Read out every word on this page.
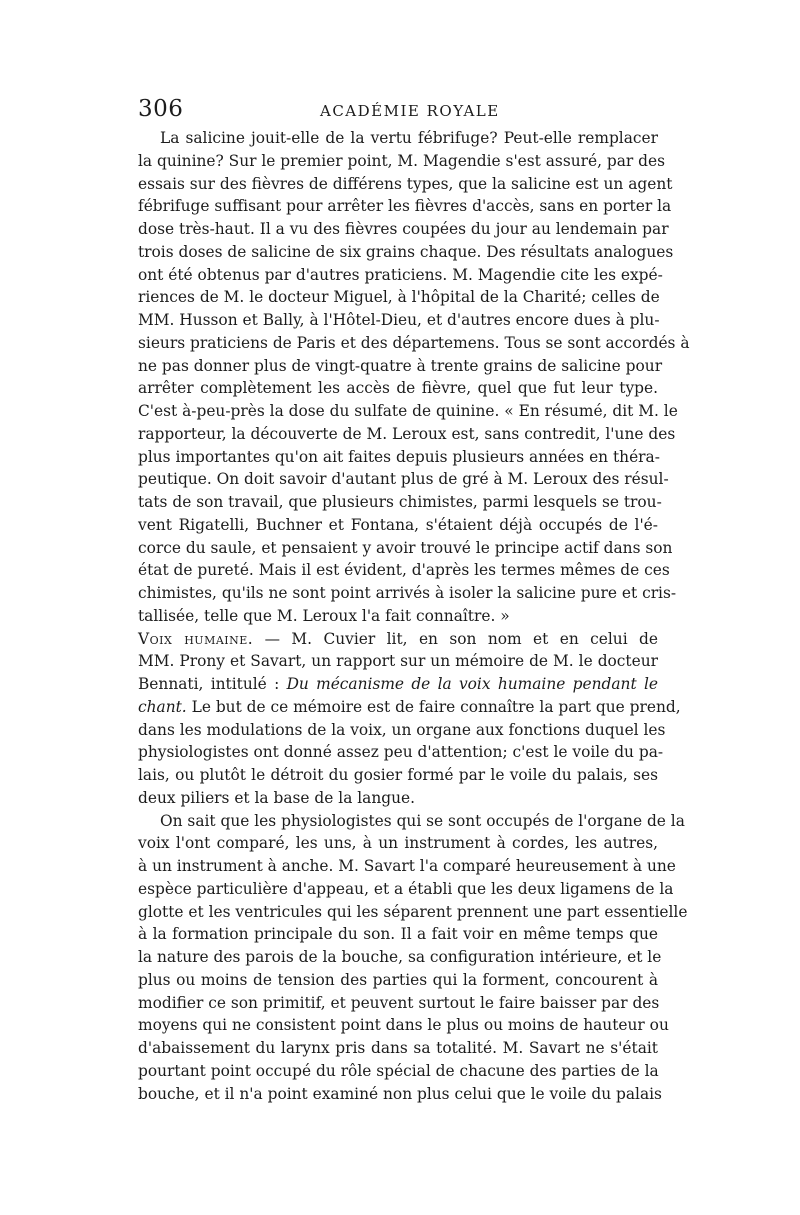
306	ACADÉMIE ROYALE
La salicine jouit-elle de la vertu fébrifuge? Peut-elle remplacer
la quinine? Sur le premier point, M. Magendie s'est assuré, par des
essais sur des fièvres de différens types, que la salicine est un agent
fébrifuge suffisant pour arrêter les fièvres d'accès, sans en porter la
dose très-haut. Il a vu des fièvres coupées du jour au lendemain par
trois doses de salicine de six grains chaque. Des résultats analogues
ont été obtenus par d'autres praticiens. M. Magendie cite les expé-
riences de M. le docteur Miguel, à l'hôpital de la Charité; celles de
MM. Husson et Bally, à l'Hôtel-Dieu, et d'autres encore dues à plu-
sieurs praticiens de Paris et des départemens. Tous se sont accordés à
ne pas donner plus de vingt-quatre à trente grains de salicine pour
arrêter complètement les accès de fièvre, quel que fut leur type.
C'est à-peu-près la dose du sulfate de quinine. « En résumé, dit M. le
rapporteur, la découverte de M. Leroux est, sans contredit, l'une des
plus importantes qu'on ait faites depuis plusieurs années en théra-
peutique. On doit savoir d'autant plus de gré à M. Leroux des résul-
tats de son travail, que plusieurs chimistes, parmi lesquels se trou-
vent Rigatelli, Buchner et Fontana, s'étaient déjà occupés de l'é-
corce du saule, et pensaient y avoir trouvé le principe actif dans son
état de pureté. Mais il est évident, d'après les termes mêmes de ces
chimistes, qu'ils ne sont point arrivés à isoler la salicine pure et cris-
tallisée, telle que M. Leroux l'a fait connaître. »
Voix humaine. — M. Cuvier lit, en son nom et en celui de
MM. Prony et Savart, un rapport sur un mémoire de M. le docteur
Bennati, intitulé : Du mécanisme de la voix humaine pendant le
chant. Le but de ce mémoire est de faire connaître la part que prend,
dans les modulations de la voix, un organe aux fonctions duquel les
physiologistes ont donné assez peu d'attention; c'est le voile du pa-
lais, ou plutôt le détroit du gosier formé par le voile du palais, ses
deux piliers et la base de la langue.
On sait que les physiologistes qui se sont occupés de l'organe de la
voix l'ont comparé, les uns, à un instrument à cordes, les autres,
à un instrument à anche. M. Savart l'a comparé heureusement à une
espèce particulière d'appeau, et a établi que les deux ligamens de la
glotte et les ventricules qui les séparent prennent une part essentielle
à la formation principale du son. Il a fait voir en même temps que
la nature des parois de la bouche, sa configuration intérieure, et le
plus ou moins de tension des parties qui la forment, concourent à
modifier ce son primitif, et peuvent surtout le faire baisser par des
moyens qui ne consistent point dans le plus ou moins de hauteur ou
d'abaissement du larynx pris dans sa totalité. M. Savart ne s'était
pourtant point occupé du rôle spécial de chacune des parties de la
bouche, et il n'a point examiné non plus celui que le voile du palais
